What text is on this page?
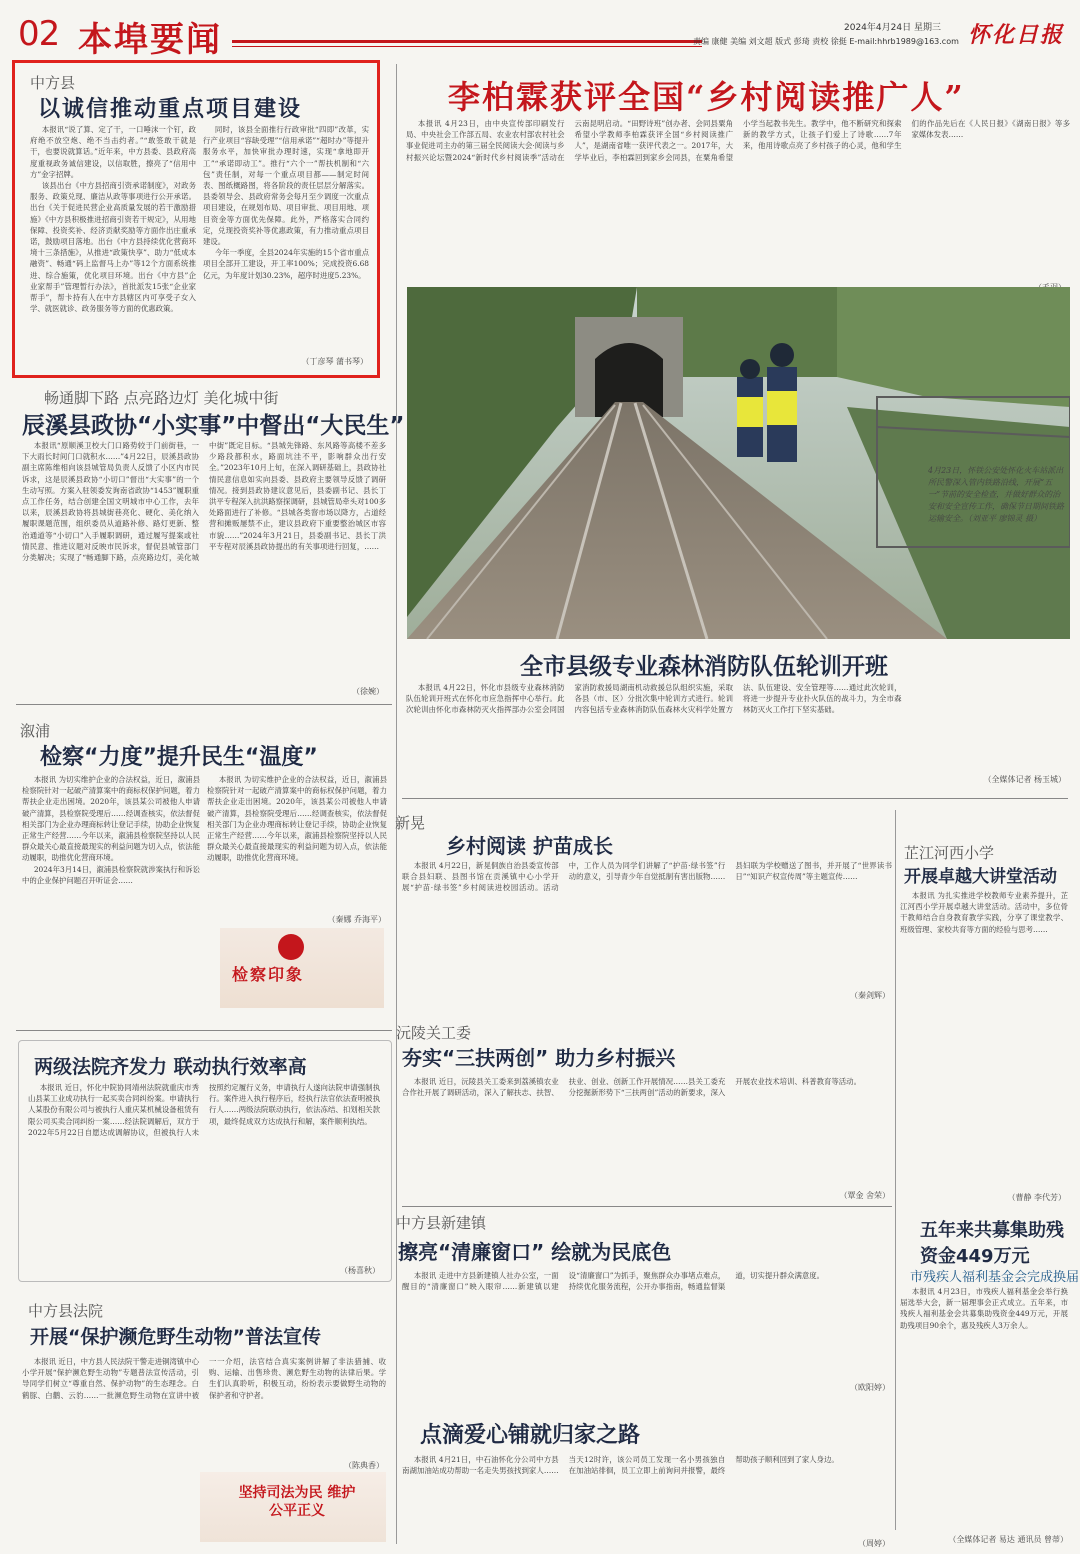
02 本埠要闻	2024年4月24日 星期三
责编 康健 美编 刘文超 版式 彭琦 责校 徐挺 E-mail:hhrb1989@163.com 怀化日报
中方县
以诚信推动重点项目建设

本报讯“说了算、定了干，一口唾沫一个钉，政府绝不放空炮、绝不当击约者。”“敢签敢干就是干，也要说就算话。”近年来，中方县委、县政府高度重视政务诚信建设，以信取胜，擦亮了“信用中方”金字招牌。

该县出台《中方县招商引资承诺制度》，对政务服务、政策兑现、廉洁从政等事项进行公开承诺。出台《关于促进民营企业高质量发展的若干激励措施》《中方县积极推进招商引资若干规定》，从用地保障、投资奖补、经济贡献奖励等方面作出庄重承诺，鼓励项目落地。出台《中方县持续优化营商环境十三条措施》，从推进“政策快享”、助力“低成本融资”、畅通“码上监督马上办”等12个方面系统推进、综合施策，优化项目环境。出台《中方县”企业家帮手”管理暂行办法》，首批派发15张“企业家帮手”，帮卡持有人在中方县辖区内可享受子女入学、就医就诊、政务服务等方面的优惠政策。

同时，该县全面推行行政审批“四即”改革，实行产业项目“容缺受理”“信用承诺”“超时办”等提升服务水平，加快审批办理时速，实现“拿地即开工”“承诺即动工”。推行“六个一”帮扶机制和“六包”责任制，对每一个重点项目都——制定时间表、图纸概路图，将各阶段的责任层层分解落实。县委领导会、县政府常务会每月至少调度一次重点项目建设，在规划布局、项目审批、项目用地、项目资金等方面优先保障。此外，严格落实合同约定，兑现投资奖补等优惠政策，有力推动重点项目建设。

今年一季度，全县2024年实施的15个省市重点项目全部开工建设，开工率100%；完成投资6.68亿元，为年度计划30.23%，超序时进度5.23%。

（丁彦琴 蒲书琴）
畅通脚下路 点亮路边灯 美化城中街
辰溪县政协“小实事”中督出“大民生”

本报讯“原顺溪卫校大门口路势较于门前街巷，一下大雨长时间门口就积水……”4月22日，辰溪县政协副主席陈维相向该县城管局负责人反馈了小区内市民诉求，这是辰溪县政协“小切口”督出“大实事”的一个生动写照。方案入驻领委发询南省政协“1453”履职重点工作任务，结合创建全国文明城市中心工作，去年以来，辰溪县政协将县城街巷亮化、硬化、美化纳入履职课题范围，组织委员从道路补修、路灯更新、整治通道等“小切口”入手履职调研，通过履写提案或社情民意、推进议题对反映市民诉求，督促县城管部门分类解决；实现了“畅通脚下路，点亮路边灯，美化城中街”既定目标。“县城先锋路、东风路等高楼不差多少路段都积水，路面坑洼不平，影响群众出行安全。”2023年10月上旬，在深入调研基础上，县政协社情民意信息如实向县委、县政府主要领导反馈了调研情况。接到县政协建议意见后，县委副书记、县长丁洪平专程深入抗洪路察探调研，县城管局牵头对100多处路面进行了补修。“县城各类窨市场以降方，占道经营和摊贩屡禁不止，建议县政府下重要整治城区市容市貌……”2024年3月21日，县委副书记、县长丁洪平专程对辰溪县政协提出的有关事项进行回复，……

（徐婉）
溆浦
检察“力度”提升民生“温度”

本报讯 为切实维护企业的合法权益，近日，溆浦县检察院针对一起破产清算案中的商标权保护问题，着力帮扶企业走出困境。2020年，该县某公司被他人申请破产清算，县检察院受理后……经调查核实，依法督促相关部门为企业办理商标转让登记手续，协助企业恢复正常生产经营……今年以来，溆浦县检察院坚持以人民群众最关心最直接最现实的利益问题为切入点，依法能动履职，助推优化营商环境。

2024年3月14日，溆浦县检察院就涉案执行和诉讼中的企业保护问题召开听证会……

本报讯 为切实维护企业的合法权益，近日，溆浦县检察院针对一起破产清算案中的商标权保护问题，着力帮扶企业走出困境。2020年，该县某公司被他人申请破产清算，县检察院受理后……经调查核实，依法督促相关部门为企业办理商标转让登记手续，协助企业恢复正常生产经营……今年以来，溆浦县检察院坚持以人民群众最关心最直接最现实的利益问题为切入点，依法能动履职，助推优化营商环境。

（秦娜 乔海平）
检察印象
两级法院齐发力 联动执行效率高

本报讯 近日，怀化中院协同靖州法院就重庆市秀山县某工业成功执行一起买卖合同纠纷案。申请执行人某股份有限公司与被执行人重庆某机械设备租赁有限公司买卖合同纠纷一案……经法院调解后，双方于2022年5月22日自愿达成调解协议，但被执行人未按照约定履行义务，申请执行人遂向法院申请强制执行。案件进入执行程序后，经执行法官依法查明被执行人……两级法院联动执行，依法冻结、扣划相关款项，最终促成双方达成执行和解，案件顺利执结。

（杨喜秋）
中方县法院
开展“保护濒危野生动物”普法宣传

本报讯 近日，中方县人民法院干警走进铜湾镇中心小学开展“保护濒危野生动物”专题普法宣传活动，引导同学们树立“尊重自然、保护动物”的生态理念。白鹤豚、白鹳、云豹……一批濒危野生动物在宣讲中被一一介绍，法官结合真实案例讲解了非法猎捕、收购、运输、出售珍贵、濒危野生动物的法律后果。学生们认真聆听，积极互动，纷纷表示要做野生动物的保护者和守护者。

（陈典香）
坚持司法为民 维护公平正义
李柏霖获评全国“乡村阅读推广人”

本报讯 4月23日，由中央宣传部印刷发行局、中央社会工作部五局、农业农村部农村社会事业促进司主办的第三届全民阅读大会·阅读与乡村振兴论坛暨2024“新时代乡村阅读季”活动在云南昆明启动。“田野诗班”创办者、会同县粟角希望小学教师李柏霖获评全国“乡村阅读推广人”，是湖南省唯一获评代表之一。2017年，大学毕业后，李柏霖回到家乡会同县，在粟角希望小学当起教书先生。教学中，他不断研究和探索新的教学方式，让孩子们爱上了诗歌……7年来，他用诗歌点亮了乡村孩子的心灵，他和学生们的作品先后在《人民日报》《湖南日报》等多家媒体发表……

4月23日，怀铁公安处怀化火车站派出所民警深入管内铁路沿线，开展“五一”节前的安全检查，并做好群众的治安和安全宣传工作，确保节日期间铁路运输安全。（刘亚平 廖锦灵 摄）
全市县级专业森林消防队伍轮训开班

本报讯 4月22日，怀化市县级专业森林消防队伍轮训开班式在怀化市应急指挥中心举行。此次轮训由怀化市森林防灭火指挥部办公室会同国家消防救援局湖南机动救援总队组织实施，采取各县（市、区）分批次集中轮训方式进行。轮训内容包括专业森林消防队伍森林火灾科学处置方法、队伍建设、安全管理等……通过此次轮训，将进一步提升专业扑火队伍的战斗力，为全市森林防灭火工作打下坚实基础。

（全媒体记者 杨玉城）
新晃
乡村阅读 护苗成长

本报讯 4月22日，新晃侗族自治县委宣传部联合县妇联、县图书馆在贡溪镇中心小学开展“护苗·绿书签”乡村阅读进校园活动。活动中，工作人员为同学们讲解了“护苗·绿书签”行动的意义，引导青少年自觉抵制有害出版物……县妇联为学校赠送了图书，并开展了“世界读书日”“知识产权宣传周”等主题宣传……

（秦剑辉）
芷江河西小学
开展卓越大讲堂活动

本报讯 为扎实推进学校教师专业素养提升，芷江河西小学开展卓越大讲堂活动。活动中，多位骨干教师结合自身教育教学实践，分享了课堂教学、班级管理、家校共育等方面的经验与思考……

（曹静 李代芳）
沅陵关工委
夯实“三扶两创” 助力乡村振兴

本报讯 近日，沅陵县关工委来到荔溪镇农业合作社开展了调研活动，深入了解扶志、扶智、扶业、创业、创新工作开展情况……县关工委充分挖掘新形势下“三扶两创”活动的新要求，深入开展农业技术培训、科普教育等活动。

（覃金 舍荣）
中方县新建镇
擦亮“清廉窗口” 绘就为民底色

本报讯 走进中方县新建镇人社办公室，一面醒目的“清廉窗口”映入眼帘……新建镇以建设“清廉窗口”为抓手，聚焦群众办事堵点难点，持续优化服务流程，公开办事指南，畅通监督渠道，切实提升群众满意度。

（欧阳婷）
五年来共募集助残资金449万元
市残疾人福利基金会完成换届

本报讯 4月23日，市残疾人福利基金会举行换届选举大会，新一届理事会正式成立。五年来，市残疾人福利基金会共募集助残资金449万元，开展助残项目90余个，惠及残疾人3万余人。

（全媒体记者 易达 通讯员 曾蒂）
点滴爱心铺就归家之路

本报讯 4月21日，中石油怀化分公司中方县南湖加油站成功帮助一名走失男孩找到家人……当天12时许，该公司员工发现一名小男孩独自在加油站徘徊，员工立即上前询问并报警，最终帮助孩子顺利回到了家人身边。

（周婷）
